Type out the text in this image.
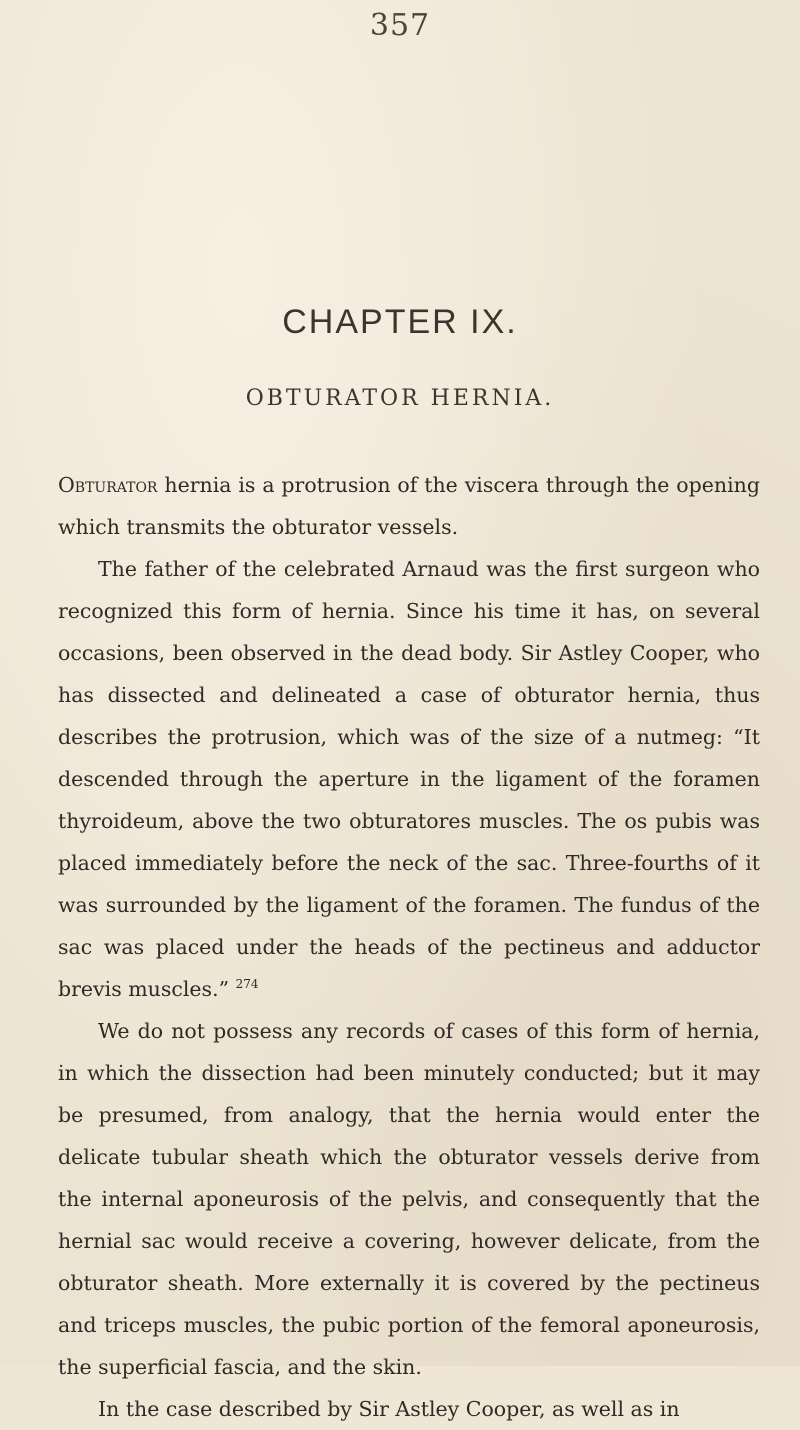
357
CHAPTER IX.
OBTURATOR HERNIA.

Obturator hernia is a protrusion of the viscera through the opening which transmits the obturator vessels.

The father of the celebrated Arnaud was the first surgeon who recognized this form of hernia. Since his time it has, on several occasions, been observed in the dead body. Sir Astley Cooper, who has dissected and delineated a case of obturator hernia, thus describes the protrusion, which was of the size of a nutmeg: “It descended through the aperture in the ligament of the foramen thyroideum, above the two obturatores muscles. The os pubis was placed immediately before the neck of the sac. Three-fourths of it was surrounded by the ligament of the foramen. The fundus of the sac was placed under the heads of the pectineus and adductor brevis muscles.” $^{274}$

We do not possess any records of cases of this form of hernia, in which the dissection had been minutely conducted; but it may be presumed, from analogy, that the hernia would enter the delicate tubular sheath which the obturator vessels derive from the internal aponeurosis of the pelvis, and consequently that the hernial sac would receive a covering, however delicate, from the obturator sheath. More externally it is covered by the pectineus and triceps muscles, the pubic portion of the femoral aponeurosis, the superficial fascia, and the skin.

In the case described by Sir Astley Cooper, as well as in
